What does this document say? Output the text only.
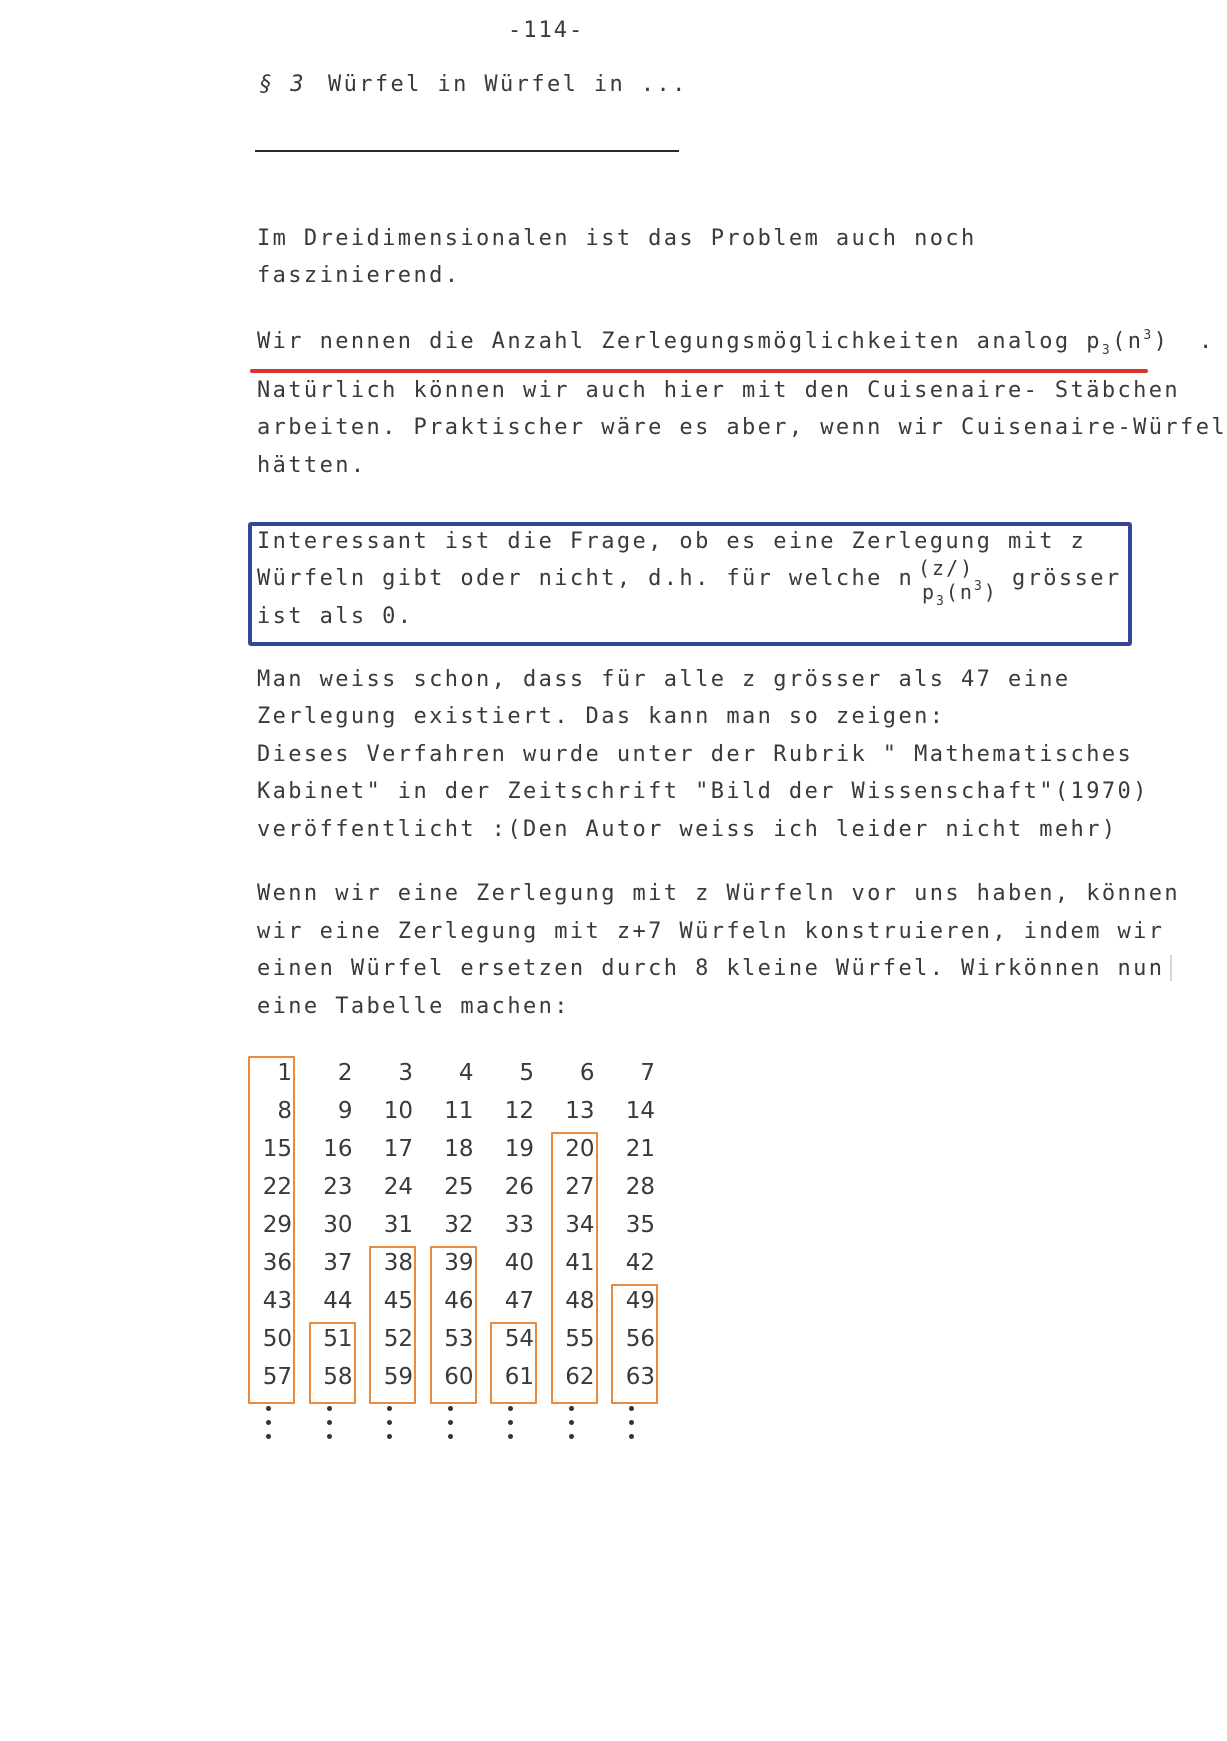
-114-
§ 3 Würfel in Würfel in ...
Im Dreidimensionalen ist das Problem auch noch
faszinierend.
Wir nennen die Anzahl Zerlegungsmöglichkeiten analog $p_3(n^3)$ .
Natürlich können wir auch hier mit den Cuisenaire- Stäbchen
arbeiten. Praktischer wäre es aber, wenn wir Cuisenaire-Würfel
hätten.
Interessant ist die Frage, ob es eine Zerlegung mit z
Würfeln gibt oder nicht, d.h. für welche n	grösser
(z/)
$p_3(n^3)$
ist als 0.
Man weiss schon, dass für alle z grösser als 47 eine
Zerlegung existiert. Das kann man so zeigen:
Dieses Verfahren wurde unter der Rubrik " Mathematisches
Kabinet" in der Zeitschrift "Bild der Wissenschaft"(1970)
veröffentlicht :(Den Autor weiss ich leider nicht mehr)
Wenn wir eine Zerlegung mit z Würfeln vor uns haben, können
wir eine Zerlegung mit z+7 Würfeln konstruieren, indem wir
einen Würfel ersetzen durch 8 kleine Würfel. Wirkönnen nun
eine Tabelle machen:
1	2	3	4	5	6	7
8	9	10	11	12	13	14
15	16	17	18	19	20	21
22	23	24	25	26	27	28
29	30	31	32	33	34	35
36	37	38	39	40	41	42
43	44	45	46	47	48	49
50	51	52	53	54	55	56
57	58	59	60	61	62	63
